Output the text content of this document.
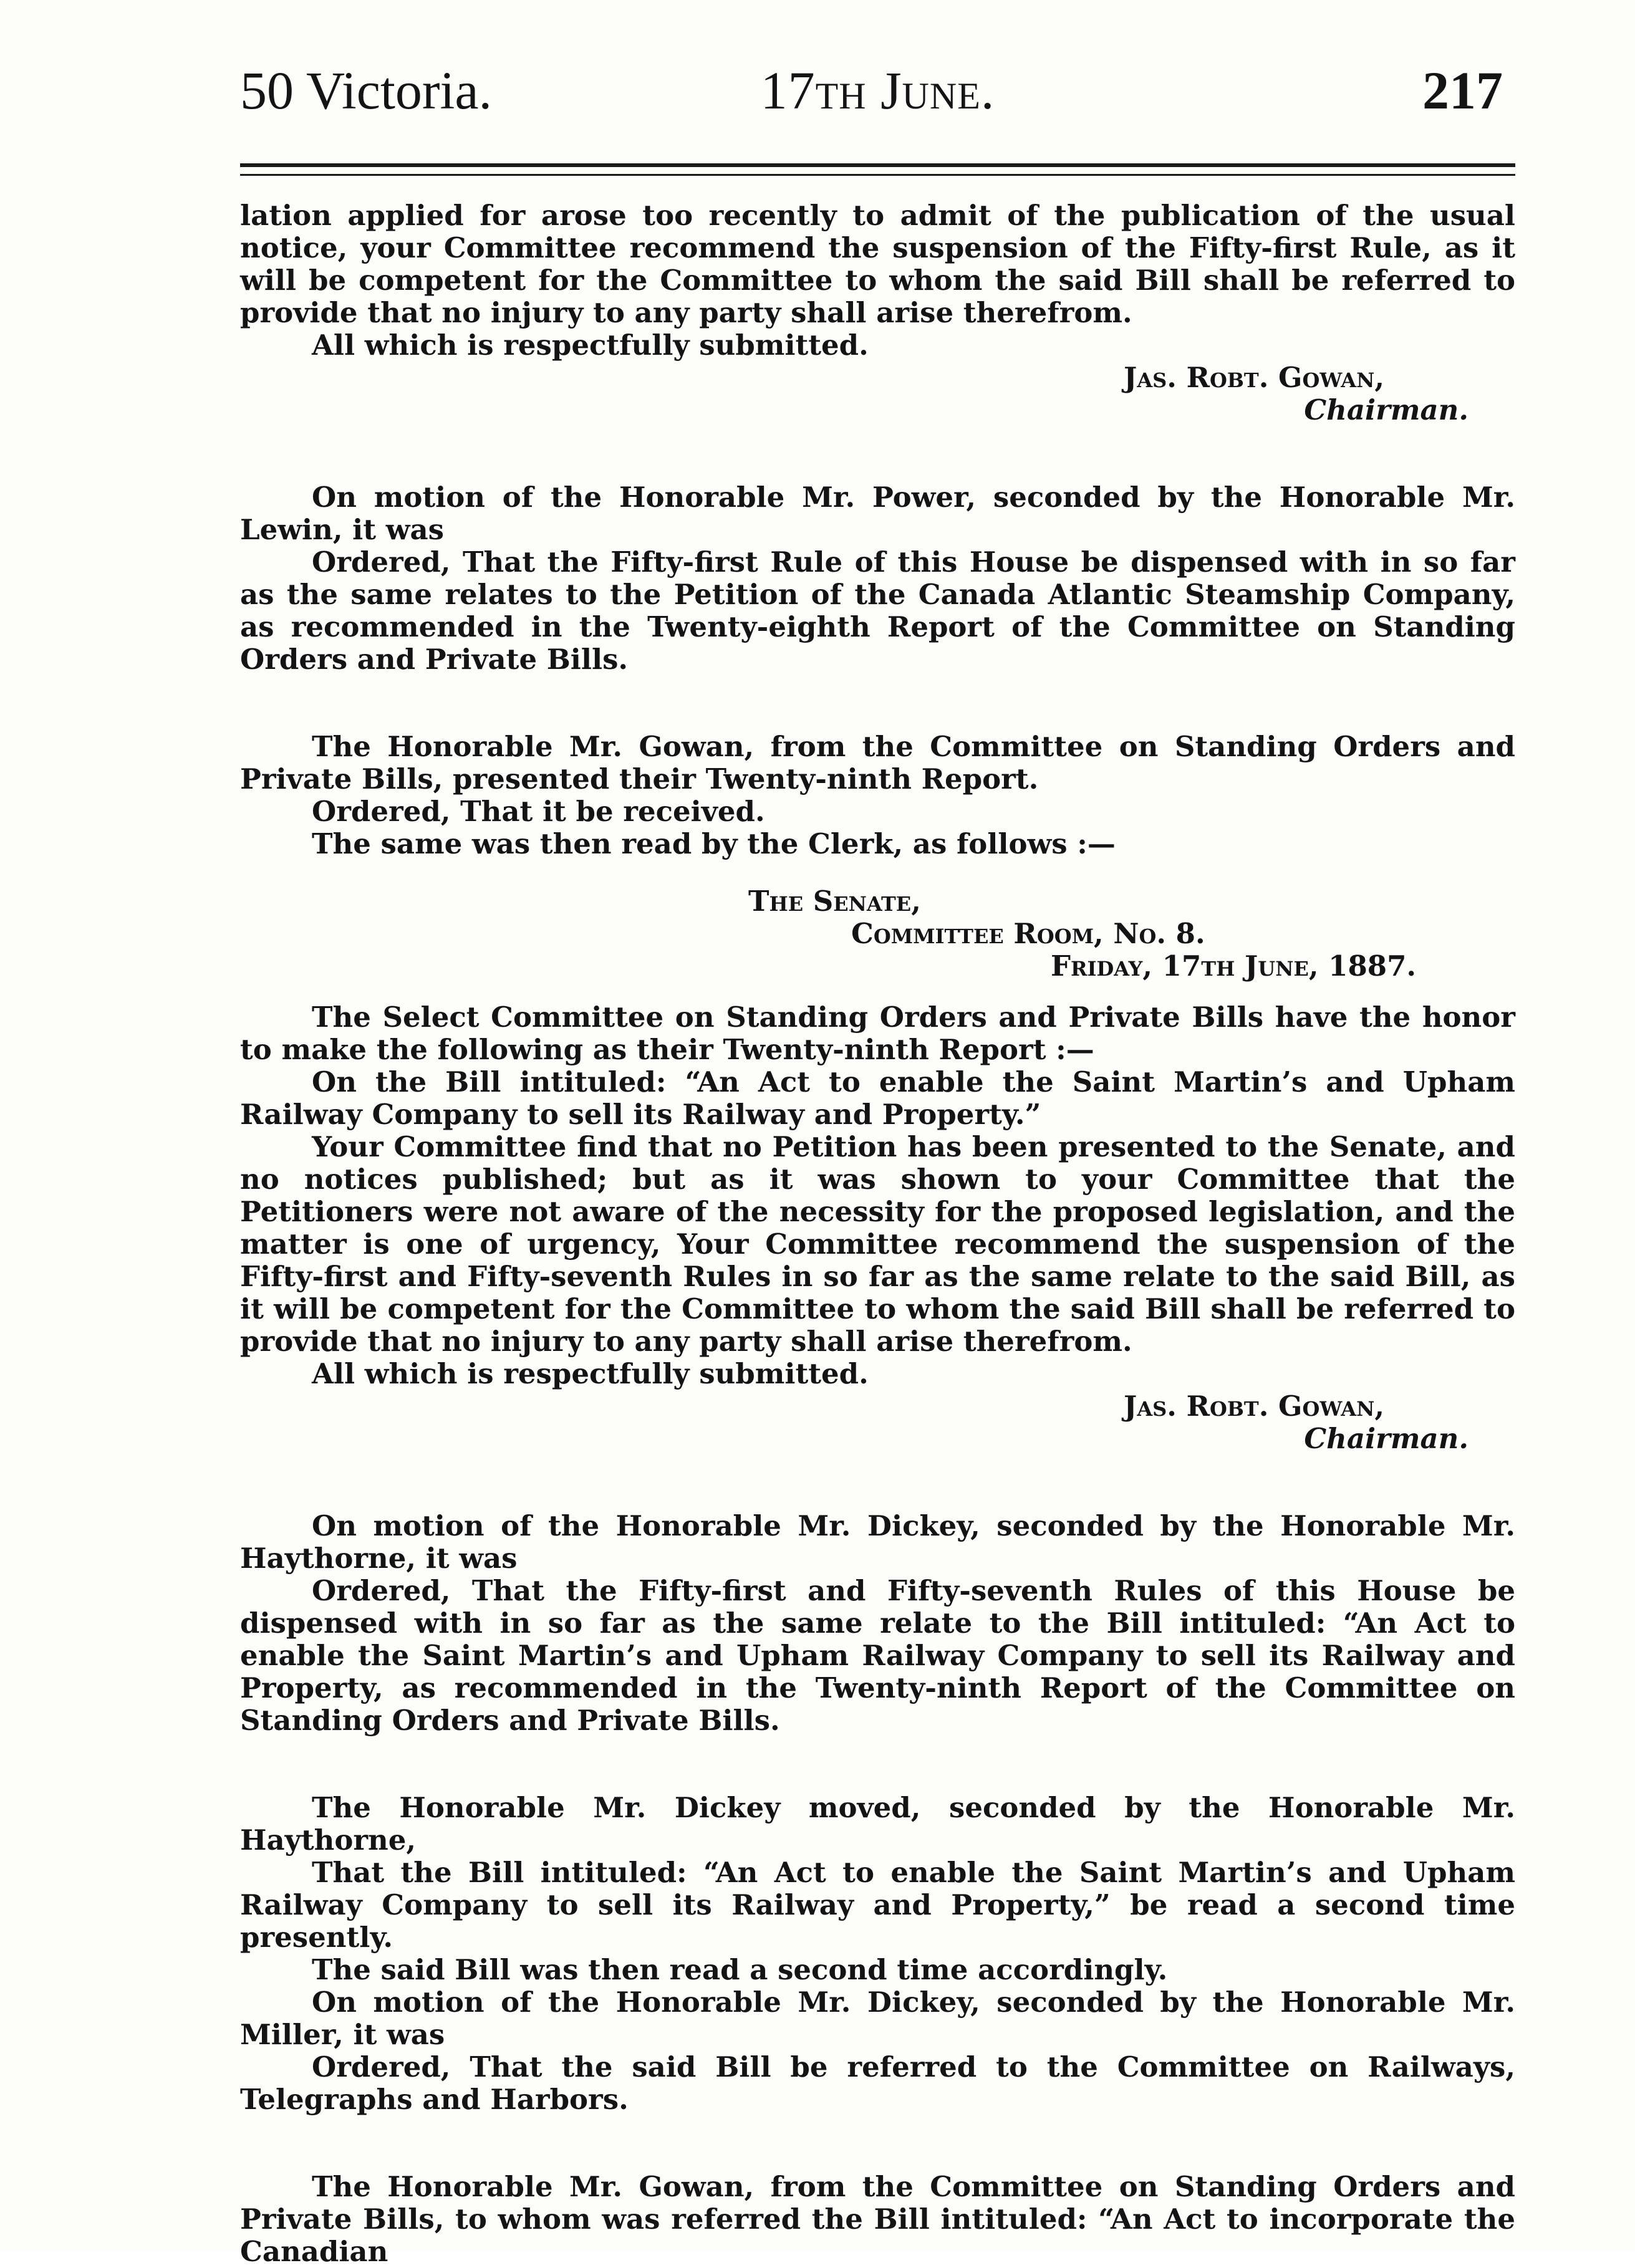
50 Victoria.	17th June.	217

lation applied for arose too recently to admit of the publication of the usual notice, your Committee recommend the suspension of the Fifty-first Rule, as it will be competent for the Committee to whom the said Bill shall be referred to provide that no injury to any party shall arise therefrom.

All which is respectfully submitted.

Jas. Robt. Gowan,

Chairman.

On motion of the Honorable Mr. Power, seconded by the Honorable Mr. Lewin, it was

Ordered, That the Fifty-first Rule of this House be dispensed with in so far as the same relates to the Petition of the Canada Atlantic Steamship Company, as recommended in the Twenty-eighth Report of the Committee on Standing Orders and Private Bills.

The Honorable Mr. Gowan, from the Committee on Standing Orders and Private Bills, presented their Twenty-ninth Report.

Ordered, That it be received.

The same was then read by the Clerk, as follows :—

The Senate,

Committee Room, No. 8.

Friday, 17th June, 1887.

The Select Committee on Standing Orders and Private Bills have the honor to make the following as their Twenty-ninth Report :—

On the Bill intituled: “An Act to enable the Saint Martin’s and Upham Railway Company to sell its Railway and Property.”

Your Committee find that no Petition has been presented to the Senate, and no notices published; but as it was shown to your Committee that the Petitioners were not aware of the necessity for the proposed legislation, and the matter is one of urgency, Your Committee recommend the suspension of the Fifty-first and Fifty-seventh Rules in so far as the same relate to the said Bill, as it will be competent for the Committee to whom the said Bill shall be referred to provide that no injury to any party shall arise therefrom.

All which is respectfully submitted.

Jas. Robt. Gowan,

Chairman.

On motion of the Honorable Mr. Dickey, seconded by the Honorable Mr. Haythorne, it was

Ordered, That the Fifty-first and Fifty-seventh Rules of this House be dispensed with in so far as the same relate to the Bill intituled: “An Act to enable the Saint Martin’s and Upham Railway Company to sell its Railway and Property, as recommended in the Twenty-ninth Report of the Committee on Standing Orders and Private Bills.

The Honorable Mr. Dickey moved, seconded by the Honorable Mr. Haythorne,

That the Bill intituled: “An Act to enable the Saint Martin’s and Upham Railway Company to sell its Railway and Property,” be read a second time presently.

The said Bill was then read a second time accordingly.

On motion of the Honorable Mr. Dickey, seconded by the Honorable Mr. Miller, it was

Ordered, That the said Bill be referred to the Committee on Railways, Telegraphs and Harbors.

The Honorable Mr. Gowan, from the Committee on Standing Orders and Private Bills, to whom was referred the Bill intituled: “An Act to incorporate the Canadian
